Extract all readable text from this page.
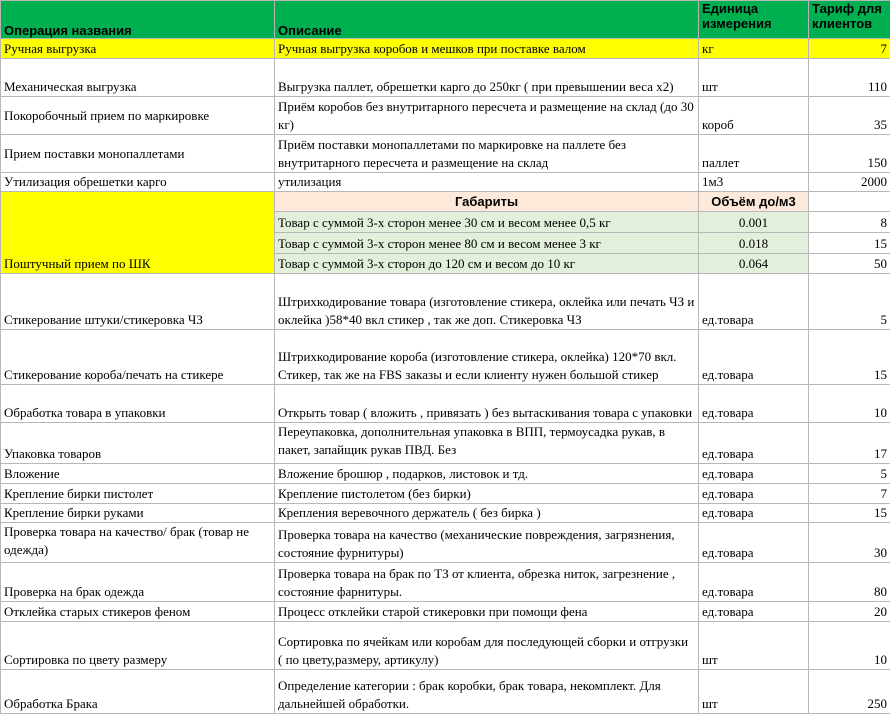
Операция названия	Описание	Единица измерения	Тариф для клиентов
Ручная выгрузка	Ручная выгрузка коробов и мешков при поставке валом	кг	7
Механическая выгрузка	Выгрузка паллет, обрешетки карго до 250кг ( при превышении веса х2)	шт	110
Покоробочный прием по маркировке	Приём коробов без внутритарного пересчета и размещение на склад (до 30 кг)	короб	35
Прием поставки монопаллетами	Приём поставки монопаллетами по маркировке на паллете без внутритарного пересчета и размещение на склад	паллет	150
Утилизация обрешетки карго	утилизация	1м3	2000
Поштучный прием по ШК	Габариты	Объём до/м3	
	Товар с суммой 3-х сторон менее 30 см и весом менее 0,5 кг	0.001	8
	Товар с суммой 3-х сторон менее 80 см и весом менее 3 кг	0.018	15
	Товар с суммой 3-х сторон до 120 см и весом до 10 кг	0.064	50
Стикерование штуки/стикеровка ЧЗ	Штрихкодирование товара (изготовление стикера, оклейка или печать ЧЗ и оклейка )58*40 вкл стикер , так же доп. Стикеровка ЧЗ	ед.товара	5
Стикерование короба/печать на стикере	Штрихкодирование короба (изготовление стикера, оклейка) 120*70 вкл. Стикер, так же на FBS заказы и если клиенту нужен большой стикер	ед.товара	15
Обработка товара в упаковки	Открыть товар ( вложить , привязать ) без вытаскивания товара с упаковки	ед.товара	10
Упаковка товаров	Переупаковка, дополнительная упаковка в ВПП, термоусадка рукав, в пакет, запайщик рукав ПВД. Без	ед.товара	17
Вложение	Вложение брошюр , подарков, листовок и тд.	ед.товара	5
Крепление бирки пистолет	Крепление пистолетом (без бирки)	ед.товара	7
Крепление бирки руками	Крепления веревочного держатель ( без бирка )	ед.товара	15
Проверка товара на качество/ брак (товар не одежда)	Проверка товара на качество (механические повреждения, загрязнения, состояние фурнитуры)	ед.товара	30
Проверка на брак одежда	Проверка товара на брак по ТЗ от клиента, обрезка ниток, загрезнение , состояние фарнитуры.	ед.товара	80
Отклейка старых стикеров феном	Процесс отклейки старой стикеровки при помощи фена	ед.товара	20
Сортировка по цвету размеру	Сортировка по ячейкам или коробам для последующей сборки и отгрузки ( по цвету,размеру, артикулу)	шт	10
Обработка Брака	Определение категории : брак коробки, брак товара, некомплект. Для дальнейшей обработки.	шт	250
